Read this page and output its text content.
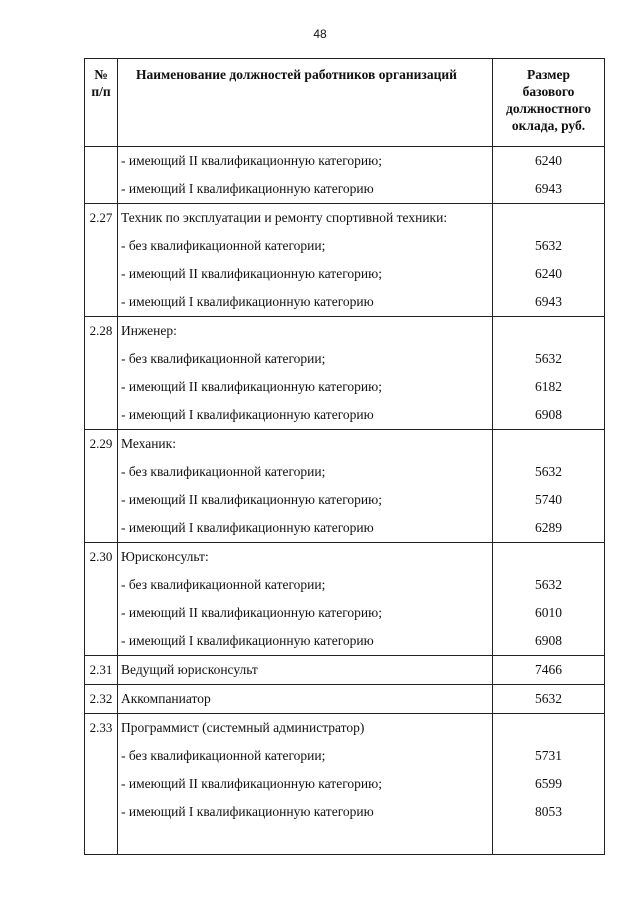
48
№
п/п	Наименование должностей работников организаций	Размер
базового
должностного
оклада, руб.
	- имеющий II квалификационную категорию;	6240
	- имеющий I квалификационную категорию	6943
2.27	Техник по эксплуатации и ремонту спортивной техники:	
	- без квалификационной категории;	5632
	- имеющий II квалификационную категорию;	6240
	- имеющий I квалификационную категорию	6943
2.28	Инженер:	
	- без квалификационной категории;	5632
	- имеющий II квалификационную категорию;	6182
	- имеющий I квалификационную категорию	6908
2.29	Механик:	
	- без квалификационной категории;	5632
	- имеющий II квалификационную категорию;	5740
	- имеющий I квалификационную категорию	6289
2.30	Юрисконсульт:	
	- без квалификационной категории;	5632
	- имеющий II квалификационную категорию;	6010
	- имеющий I квалификационную категорию	6908
2.31	Ведущий юрисконсульт	7466
2.32	Аккомпаниатор	5632
2.33	Программист (системный администратор)	
	- без квалификационной категории;	5731
	- имеющий II квалификационную категорию;	6599
	- имеющий I квалификационную категорию	8053
